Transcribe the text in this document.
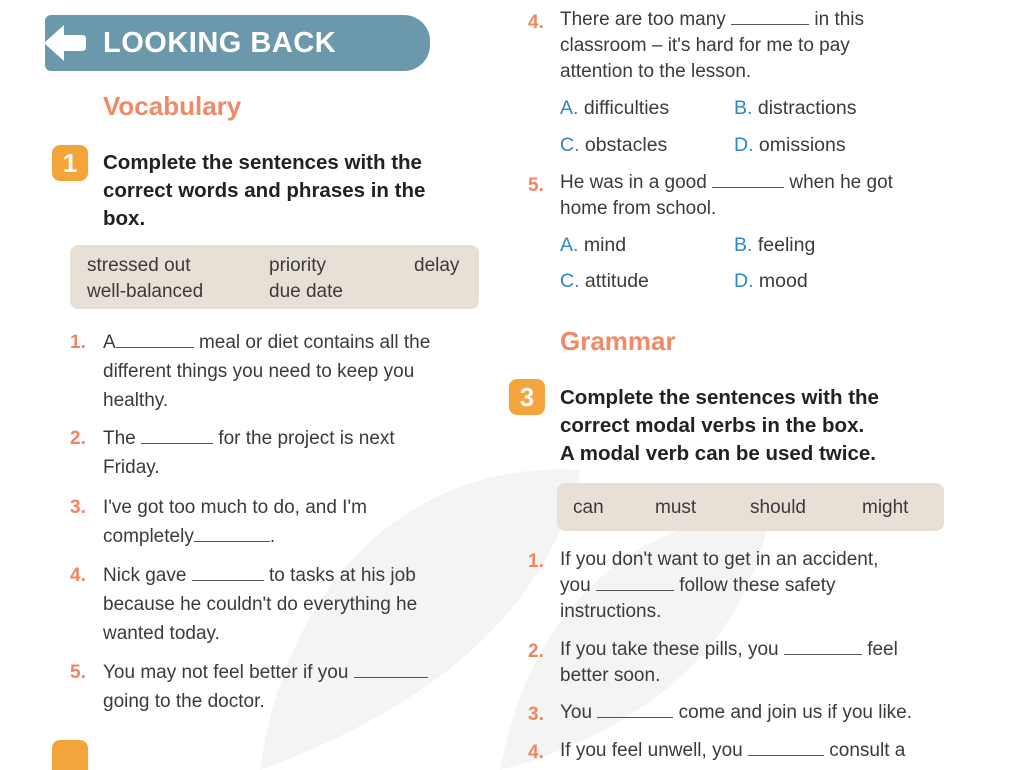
LOOKING BACK
Vocabulary
1	Complete the sentences with the
correct words and phrases in the
box.
stressed out	priority	delay
well-balanced	due date
1. A	meal or diet contains all the
different things you need to keep you
healthy.
2. The	for the project is next
Friday.
3. I've got too much to do, and I'm
completely	.
4. Nick gave	to tasks at his job
because he couldn't do everything he
wanted today.
5. You may not feel better if you
going to the doctor.
4. There are too many	in this
classroom – it's hard for me to pay
attention to the lesson.
A. difficulties	B. distractions
C. obstacles	D. omissions
5. He was in a good	when he got
home from school.
A. mind	B. feeling
C. attitude	D. mood
Grammar
3	Complete the sentences with the
correct modal verbs in the box.
A modal verb can be used twice.
can	must	should	might
1. If you don't want to get in an accident,
you	follow these safety
instructions.
2. If you take these pills, you	feel
better soon.
3. You	come and join us if you like.
4. If you feel unwell, you	consult a
